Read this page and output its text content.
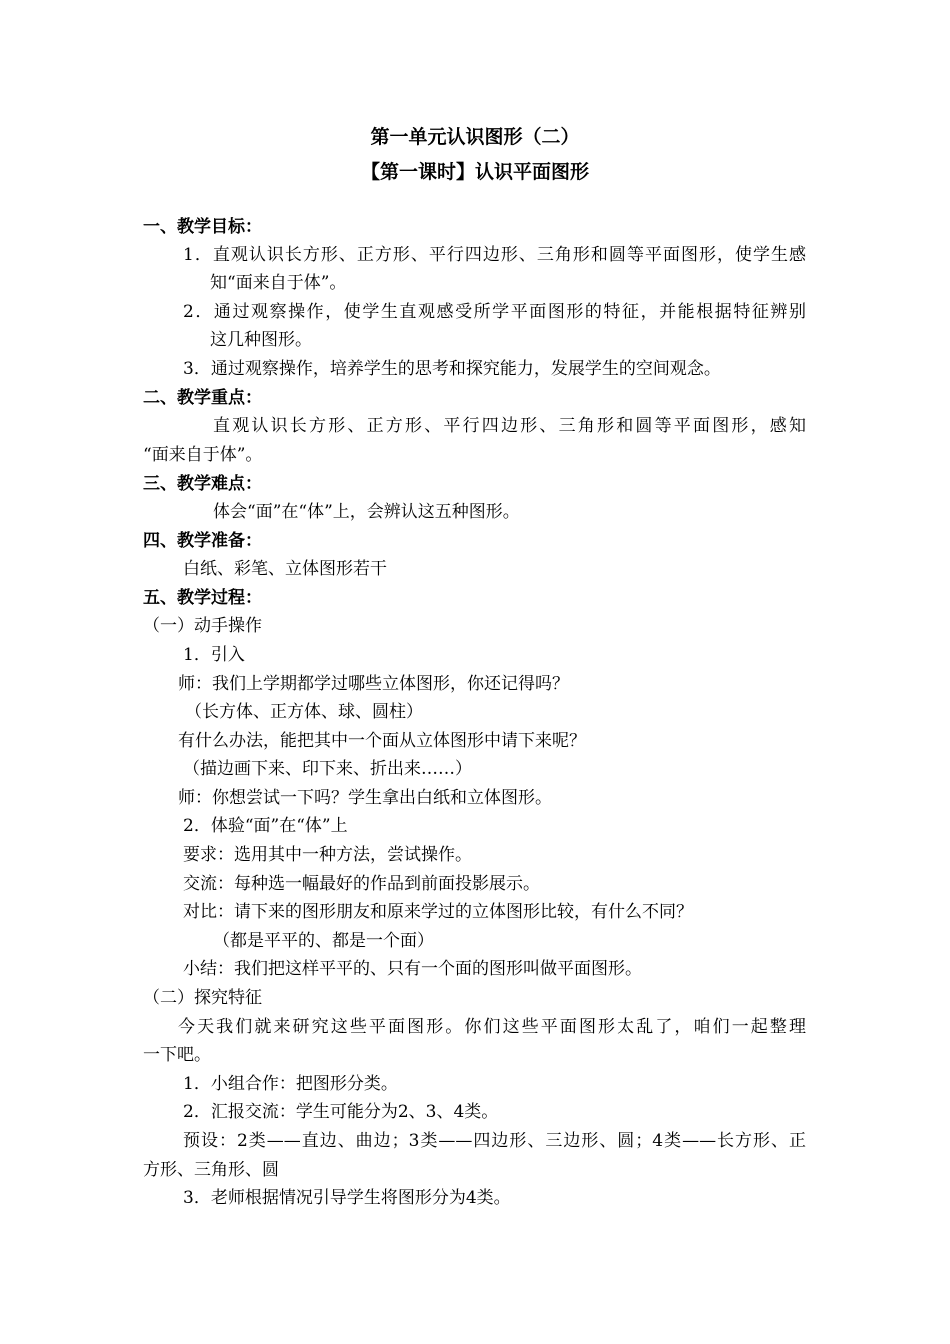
第一单元认识图形（二）
【第一课时】认识平面图形
一、教学目标：
1．直观认识长方形、正方形、平行四边形、三角形和圆等平面图形，使学生感
知“面来自于体”。
2．通过观察操作，使学生直观感受所学平面图形的特征，并能根据特征辨别
这几种图形。
3．通过观察操作，培养学生的思考和探究能力，发展学生的空间观念。
二、教学重点：
直观认识长方形、正方形、平行四边形、三角形和圆等平面图形，感知
“面来自于体”。
三、教学难点：
体会“面”在“体”上，会辨认这五种图形。
四、教学准备：
白纸、彩笔、立体图形若干
五、教学过程：
（一）动手操作
1．引入
师：我们上学期都学过哪些立体图形，你还记得吗？
（长方体、正方体、球、圆柱）
有什么办法，能把其中一个面从立体图形中请下来呢？
（描边画下来、印下来、折出来……）
师：你想尝试一下吗？学生拿出白纸和立体图形。
2．体验“面”在“体”上
要求：选用其中一种方法，尝试操作。
交流：每种选一幅最好的作品到前面投影展示。
对比：请下来的图形朋友和原来学过的立体图形比较，有什么不同？
（都是平平的、都是一个面）
小结：我们把这样平平的、只有一个面的图形叫做平面图形。
（二）探究特征
今天我们就来研究这些平面图形。你们这些平面图形太乱了，咱们一起整理
一下吧。
1．小组合作：把图形分类。
2．汇报交流：学生可能分为2、3、4类。
预设：2类——直边、曲边；3类——四边形、三边形、圆；4类——长方形、正
方形、三角形、圆
3．老师根据情况引导学生将图形分为4类。
